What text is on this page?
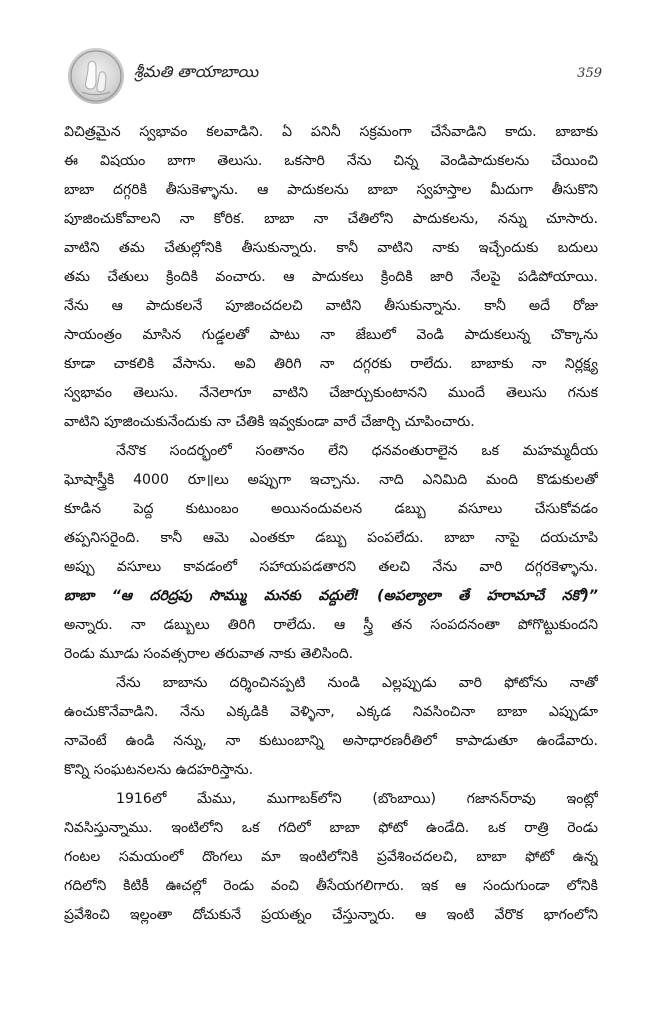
శ్రీమతి తాయాబాయి	359

విచిత్రమైన స్వభావం కలవాడిని. ఏ పనినీ సక్రమంగా చేసేవాడిని కాదు. బాబాకు

ఈ విషయం బాగా తెలుసు. ఒకసారి నేను చిన్న వెండిపాదుకలను చేయించి

బాబా దగ్గరికి తీసుకెళ్ళాను. ఆ పాదుకలను బాబా స్వహస్తాల మీదుగా తీసుకొని

పూజించుకోవాలని నా కోరిక. బాబా నా చేతిలోని పాదుకలను, నన్ను చూసారు.

వాటిని తమ చేతుల్లోనికి తీసుకున్నారు. కానీ వాటిని నాకు ఇచ్చేందుకు బదులు

తమ చేతులు క్రిందికి వంచారు. ఆ పాదుకలు క్రిందికి జారి నేలపై పడిపోయాయి.

నేను ఆ పాదుకలనే పూజించదలచి వాటిని తీసుకున్నాను. కానీ అదే రోజు

సాయంత్రం మాసిన గుడ్డలతో పాటు నా జేబులో వెండి పాదుకలున్న చొక్కాను

కూడా చాకలికి వేసాను. అవి తిరిగి నా దగ్గరకు రాలేదు. బాబాకు నా నిర్లక్ష్య

స్వభావం తెలుసు. నేనెలాగూ వాటిని చేజార్చుకుంటానని ముందే తెలుసు గనుక

వాటిని పూజించుకునేందుకు నా చేతికి ఇవ్వకుండా వారే చేజార్చి చూపించారు.

నేనొక సందర్భంలో సంతానం లేని ధనవంతురాలైన ఒక మహమ్మదీయ

ఘోషాస్త్రీకి 4000 రూ॥లు అప్పుగా ఇచ్చాను. నాది ఎనిమిది మంది కొడుకులతో

కూడిన పెద్ద కుటుంబం అయినందువలన డబ్బు వసూలు చేసుకోవడం

తప్పనిసరైంది. కానీ ఆమె ఎంతకూ డబ్బు పంపలేదు. బాబా నాపై దయచూపి

అప్పు వసూలు కావడంలో సహాయపడతారని తలచి నేను వారి దగ్గరకెళ్ళాను.

బాబా “ఆ దరిద్రపు సొమ్ము మనకు వద్దులే! (అపల్యాలా తే హరామాచే నకో)”

అన్నారు. నా డబ్బులు తిరిగి రాలేదు. ఆ స్త్రీ తన సంపదనంతా పోగొట్టుకుందని

రెండు మూడు సంవత్సరాల తరువాత నాకు తెలిసింది.

నేను బాబాను దర్శించినప్పటి నుండి ఎల్లప్పుడు వారి ఫోటోను నాతో

ఉంచుకొనేవాడిని. నేను ఎక్కడికి వెళ్ళినా, ఎక్కడ నివసించినా బాబా ఎప్పుడూ

నావెంటే ఉండి నన్ను, నా కుటుంబాన్ని అసాధారణరీతిలో కాపాడుతూ ఉండేవారు.

కొన్ని సంఘటనలను ఉదహరిస్తాను.

1916లో మేము, ముగాబక్‌లోని (బొంబాయి) గజానన్‌రావు ఇంట్లో

నివసిస్తున్నాము. ఇంటిలోని ఒక గదిలో బాబా ఫోటో ఉండేది. ఒక రాత్రి రెండు

గంటల సమయంలో దొంగలు మా ఇంటిలోనికి ప్రవేశించదలచి, బాబా ఫోటో ఉన్న

గదిలోని కిటికీ ఊచల్లో రెండు వంచి తీసేయగలిగారు. ఇక ఆ సందుగుండా లోనికి

ప్రవేశించి ఇల్లంతా దోచుకునే ప్రయత్నం చేస్తున్నారు. ఆ ఇంటి వేరొక భాగంలోని
